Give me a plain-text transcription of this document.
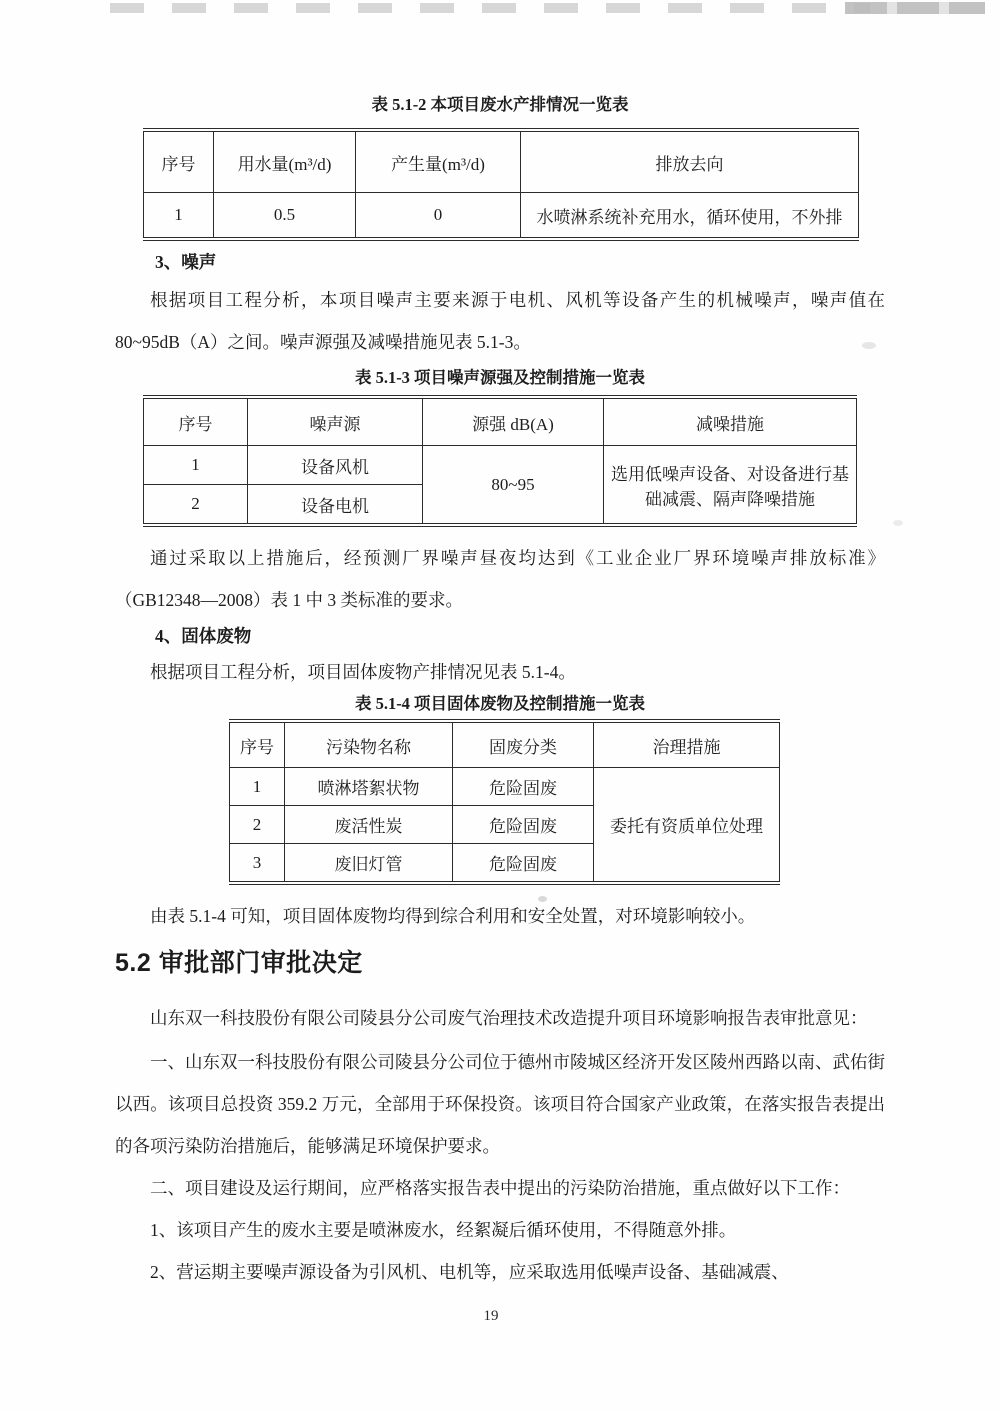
表 5.1-2 本项目废水产排情况一览表
序号	用水量(m³/d)	产生量(m³/d)	排放去向
1	0.5	0	水喷淋系统补充用水，循环使用，不外排
3、噪声

根据项目工程分析，本项目噪声主要来源于电机、风机等设备产生的机械噪声，噪声值在 80~95dB（A）之间。噪声源强及减噪措施见表 5.1-3。

表 5.1-3 项目噪声源强及控制措施一览表
序号	噪声源	源强 dB(A)	减噪措施
1	设备风机	80~95	选用低噪声设备、对设备进行基础减震、隔声降噪措施
2	设备电机		

通过采取以上措施后，经预测厂界噪声昼夜均达到《工业企业厂界环境噪声排放标准》（GB12348—2008）表 1 中 3 类标准的要求。

4、固体废物

根据项目工程分析，项目固体废物产排情况见表 5.1-4。

表 5.1-4 项目固体废物及控制措施一览表
序号	污染物名称	固废分类	治理措施
1	喷淋塔絮状物	危险固废	委托有资质单位处理
2	废活性炭	危险固废	
3	废旧灯管	危险固废	

由表 5.1-4 可知，项目固体废物均得到综合利用和安全处置，对环境影响较小。

5.2 审批部门审批决定

山东双一科技股份有限公司陵县分公司废气治理技术改造提升项目环境影响报告表审批意见：

一、山东双一科技股份有限公司陵县分公司位于德州市陵城区经济开发区陵州西路以南、武佑街以西。该项目总投资 359.2 万元，全部用于环保投资。该项目符合国家产业政策，在落实报告表提出的各项污染防治措施后，能够满足环境保护要求。

二、项目建设及运行期间，应严格落实报告表中提出的污染防治措施，重点做好以下工作：

1、该项目产生的废水主要是喷淋废水，经絮凝后循环使用，不得随意外排。

2、营运期主要噪声源设备为引风机、电机等，应采取选用低噪声设备、基础减震、

19
